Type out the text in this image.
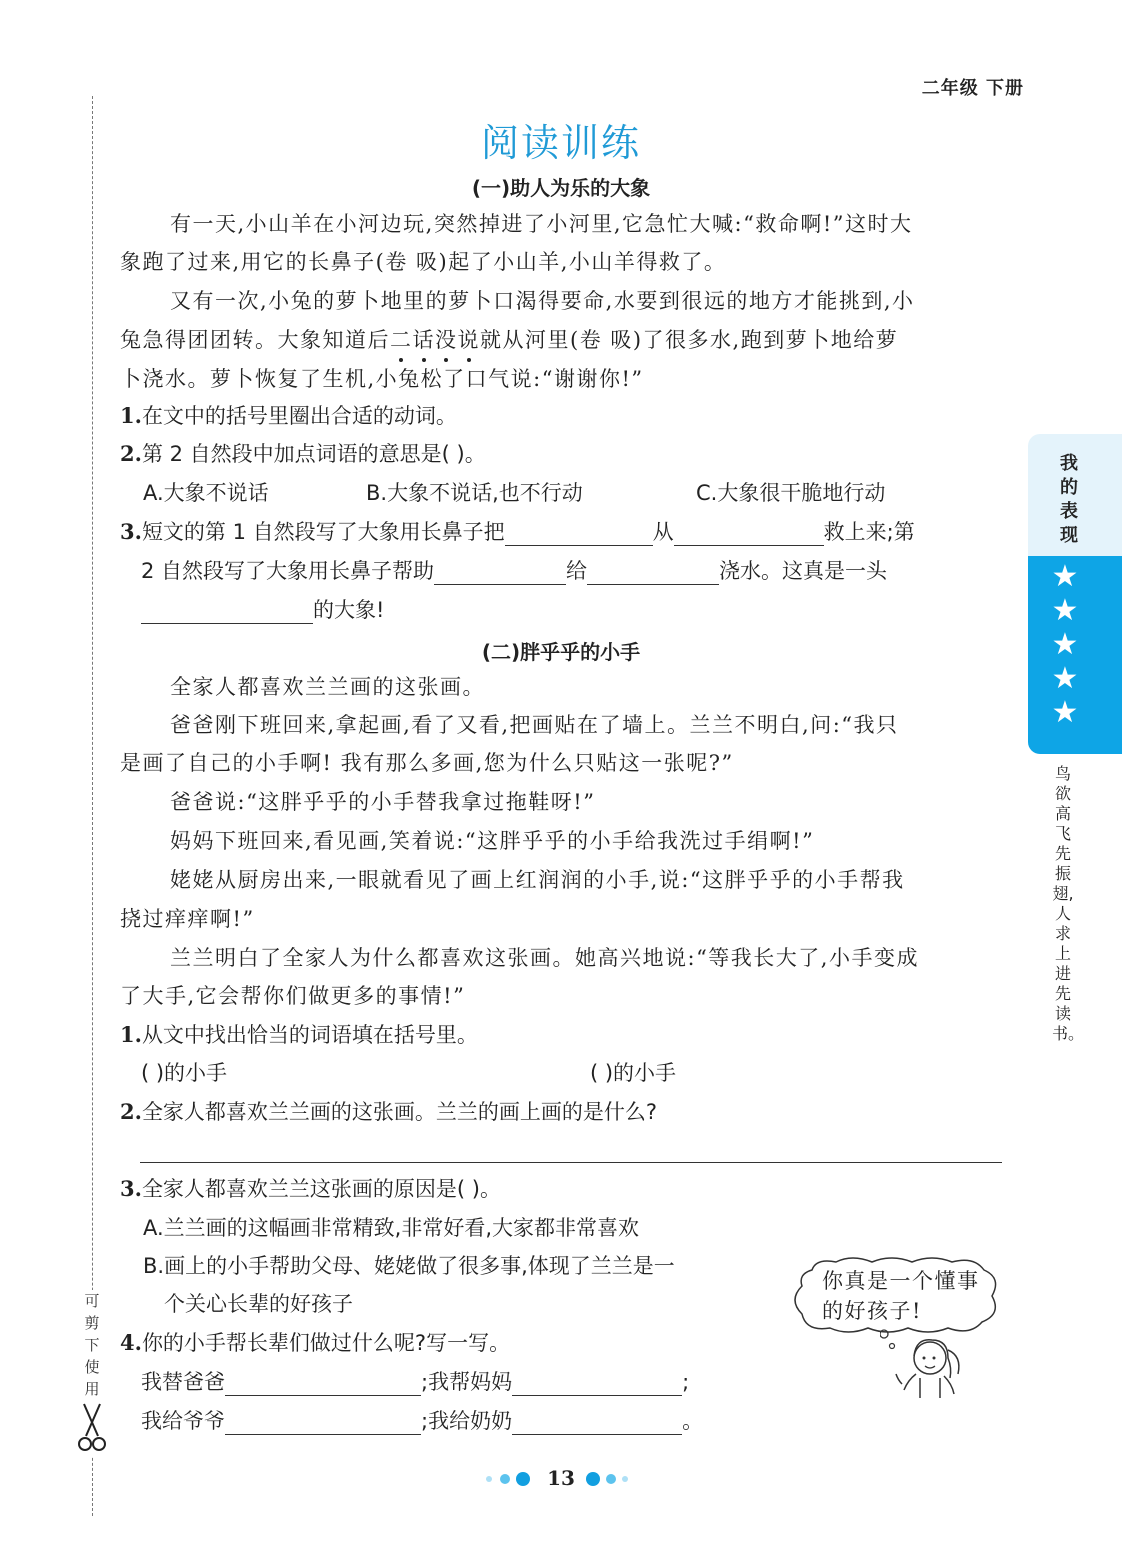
二年级 下册
阅读训练
可剪下使用
(一)助人为乐的大象
有一天,小山羊在小河边玩,突然掉进了小河里,它急忙大喊:“救命啊!”这时大
象跑了过来,用它的长鼻子(卷 吸)起了小山羊,小山羊得救了。
又有一次,小兔的萝卜地里的萝卜口渴得要命,水要到很远的地方才能挑到,小
兔急得团团转。大象知道后二话没说就从河里(卷 吸)了很多水,跑到萝卜地给萝
卜浇水。萝卜恢复了生机,小兔松了口气说:“谢谢你!”
1.在文中的括号里圈出合适的动词。
2.第 2 自然段中加点词语的意思是( )。
A.大象不说话	B.大象不说话,也不行动	C.大象很干脆地行动
3.短文的第 1 自然段写了大象用长鼻子把	从	救上来;第
2 自然段写了大象用长鼻子帮助	给	浇水。这真是一头
的大象!
(二)胖乎乎的小手
全家人都喜欢兰兰画的这张画。
爸爸刚下班回来,拿起画,看了又看,把画贴在了墙上。兰兰不明白,问:“我只
是画了自己的小手啊! 我有那么多画,您为什么只贴这一张呢?”
爸爸说:“这胖乎乎的小手替我拿过拖鞋呀!”
妈妈下班回来,看见画,笑着说:“这胖乎乎的小手给我洗过手绢啊!”
姥姥从厨房出来,一眼就看见了画上红润润的小手,说:“这胖乎乎的小手帮我
挠过痒痒啊!”
兰兰明白了全家人为什么都喜欢这张画。她高兴地说:“等我长大了,小手变成
了大手,它会帮你们做更多的事情!”
1.从文中找出恰当的词语填在括号里。
( )的小手	( )的小手
2.全家人都喜欢兰兰画的这张画。兰兰的画上画的是什么?
3.全家人都喜欢兰兰这张画的原因是( )。
A.兰兰画的这幅画非常精致,非常好看,大家都非常喜欢
B.画上的小手帮助父母、姥姥做了很多事,体现了兰兰是一
个关心长辈的好孩子
4.你的小手帮长辈们做过什么呢?写一写。
我替爸爸	;我帮妈妈	;
我给爷爷	;我给奶奶	。
你真是一个懂事的好孩子!
我的表现
★
★
★
★
★
鸟欲高飞先振翅,人求上进先读书。
13
